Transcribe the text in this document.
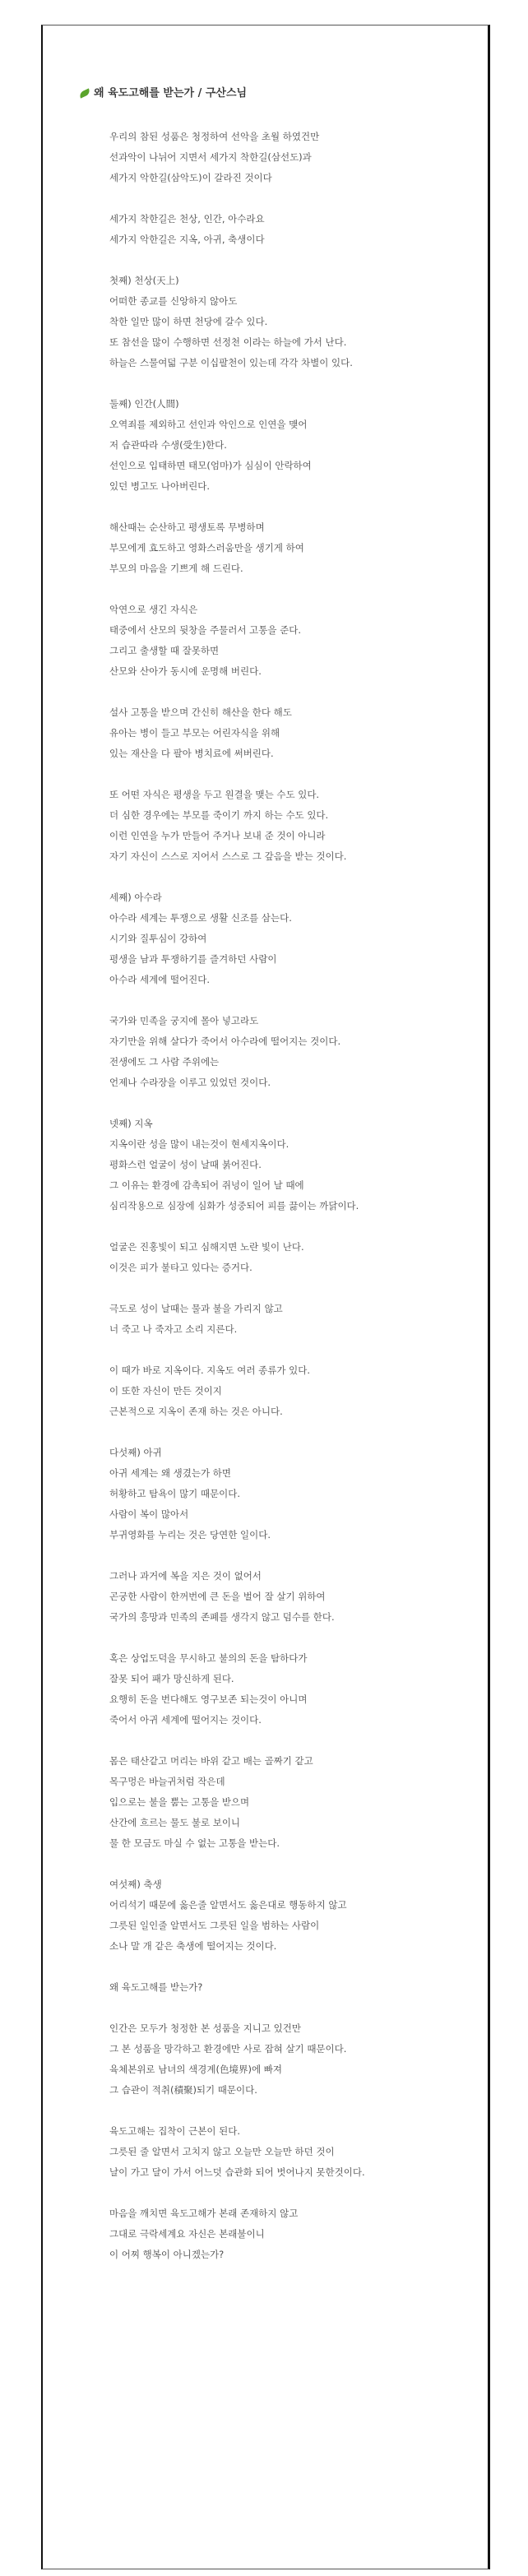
왜 육도고해를 받는가 / 구산스님
우리의 참된 성품은 청정하여 선악을 초월 하였건만
선과악이 나뉘어 지면서 세가지 착한길(삼선도)과
세가지 악한길(삼악도)이 갈라진 것이다
세가지 착한길은 천상, 인간, 아수라요
세가지 악한길은 지옥, 아귀, 축생이다
첫째) 천상(天上)
어떠한 종교를 신앙하지 않아도
착한 일만 많이 하면 천당에 갈수 있다.
또 참선을 많이 수행하면 선정천 이라는 하늘에 가서 난다.
하늘은 스물여덟 구분 이십팔천이 있는데 각각 차별이 있다.
둘째) 인간(人間)
오역죄를 제외하고 선인과 악인으로 인연을 맺어
저 습관따라 수생(受生)한다.
선인으로 입태하면 태모(엄마)가 심심이 안락하여
있던 병고도 나아버린다.
해산때는 순산하고 평생토록 무병하며
부모에게 효도하고 영화스러움만을 생기게 하여
부모의 마음을 기쁘게 해 드린다.
악연으로 생긴 자식은
태중에서 산모의 뒷창을 주물러서 고통을 준다.
그리고 출생할 때 잘못하면
산모와 산아가 동시에 운명해 버린다.
설사 고통을 받으며 간신히 해산을 한다 해도
유아는 병이 들고 부모는 어린자식을 위해
있는 재산을 다 팔아 병치료에 써버린다.
또 어떤 자식은 평생을 두고 원결을 맺는 수도 있다.
더 심한 경우에는 부모를 죽이기 까지 하는 수도 있다.
이런 인연을 누가 만들어 주거나 보내 준 것이 아니라
자기 자신이 스스로 지어서 스스로 그 갚음을 받는 것이다.
세째) 아수라
아수라 세계는 투쟁으로 생활 신조를 삼는다.
시기와 질투심이 강하여
평생을 남과 투쟁하기를 즐겨하던 사람이
아수라 세계에 떨어진다.
국가와 민족을 궁지에 몰아 넣고라도
자기만을 위해 살다가 죽어서 아수라에 떨어지는 것이다.
전생에도 그 사람 주위에는
언제나 수라장을 이루고 있었던 것이다.
넷째) 지옥
지옥이란 성을 많이 내는것이 현세지옥이다.
평화스런 얼굴이 성이 날때 붉어진다.
그 이유는 환경에 감촉되어 쥐넝이 일어 날 때에
심리작용으로 심장에 심화가 성중되어 피를 끓이는 까닭이다.
얼굴은 진홍빛이 되고 심해지면 노란 빛이 난다.
이것은 피가 불타고 있다는 증거다.
극도로 성이 날때는 물과 불을 가리지 않고
너 죽고 나 죽자고 소리 지른다.
이 때가 바로 지옥이다. 지옥도 여러 종류가 있다.
이 또한 자신이 만든 것이지
근본적으로 지옥이 존재 하는 것은 아니다.
다섯째) 아귀
아귀 세계는 왜 생겼는가 하면
허황하고 탐욕이 많기 때문이다.
사람이 복이 많아서
부귀영화를 누리는 것은 당연한 일이다.
그러나 과거에 복을 지은 것이 없어서
곤궁한 사람이 한꺼번에 큰 돈을 벌어 잘 살기 위하여
국가의 흥망과 민족의 존폐를 생각지 않고 덤수를 한다.
혹은 상업도덕을 무시하고 불의의 돈을 탐하다가
잘못 되어 패가 망신하게 된다.
요행히 돈을 번다해도 영구보존 되는것이 아니며
죽어서 아귀 세계에 떨어지는 것이다.
몸은 태산같고 머리는 바위 같고 배는 골짜기 같고
목구멍은 바늘귀처럼 작은데
입으로는 불을 뿜는 고통을 받으며
산간에 흐르는 물도 불로 보이니
물 한 모금도 마실 수 없는 고통을 받는다.
여섯째) 축생
어리석기 때문에 옳은줄 알면서도 옳은대로 행동하지 않고
그릇된 일인줄 알면서도 그릇된 일을 범하는 사람이
소나 말 개 같은 축생에 떨어지는 것이다.
왜 육도고해를 받는가?
인간은 모두가 청정한 본 성품을 지니고 있건만
그 본 성품을 망각하고 환경에만 사로 잡혀 살기 때문이다.
육체본위로 남녀의 색경계(色境界)에 빠져
그 습관이 적취(積聚)되기 때문이다.
육도고해는 집착이 근본이 된다.
그릇된 줄 알면서 고치지 않고 오늘만 오늘만 하던 것이
날이 가고 달이 가서 어느덧 습관화 되어 벗어나지 못한것이다.
마음을 깨치면 육도고해가 본래 존재하지 않고
그대로 극락세계요 자신은 본래불이니
이 어찌 행복이 아니겠는가?
